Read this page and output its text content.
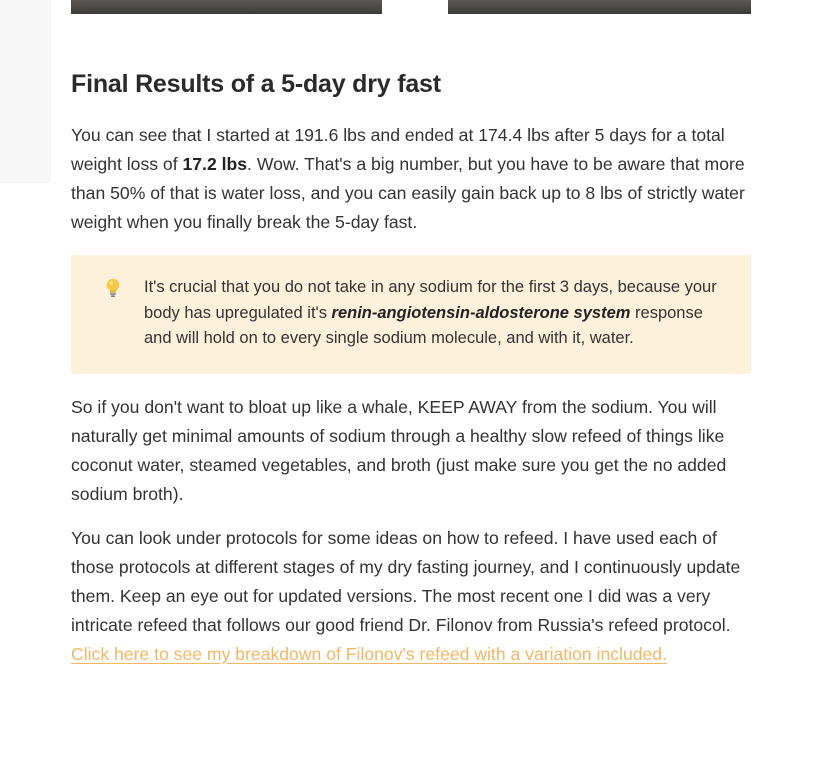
Final Results of a 5-day dry fast

You can see that I started at 191.6 lbs and ended at 174.4 lbs after 5 days for a total weight loss of 17.2 lbs. Wow. That's a big number, but you have to be aware that more than 50% of that is water loss, and you can easily gain back up to 8 lbs of strictly water weight when you finally break the 5-day fast.

It's crucial that you do not take in any sodium for the first 3 days, because your body has upregulated it's renin-angiotensin-aldosterone system response and will hold on to every single sodium molecule, and with it, water.

So if you don't want to bloat up like a whale, KEEP AWAY from the sodium. You will naturally get minimal amounts of sodium through a healthy slow refeed of things like coconut water, steamed vegetables, and broth (just make sure you get the no added sodium broth).

You can look under protocols for some ideas on how to refeed. I have used each of those protocols at different stages of my dry fasting journey, and I continuously update them. Keep an eye out for updated versions. The most recent one I did was a very intricate refeed that follows our good friend Dr. Filonov from Russia's refeed protocol. Click here to see my breakdown of Filonov's refeed with a variation included.
